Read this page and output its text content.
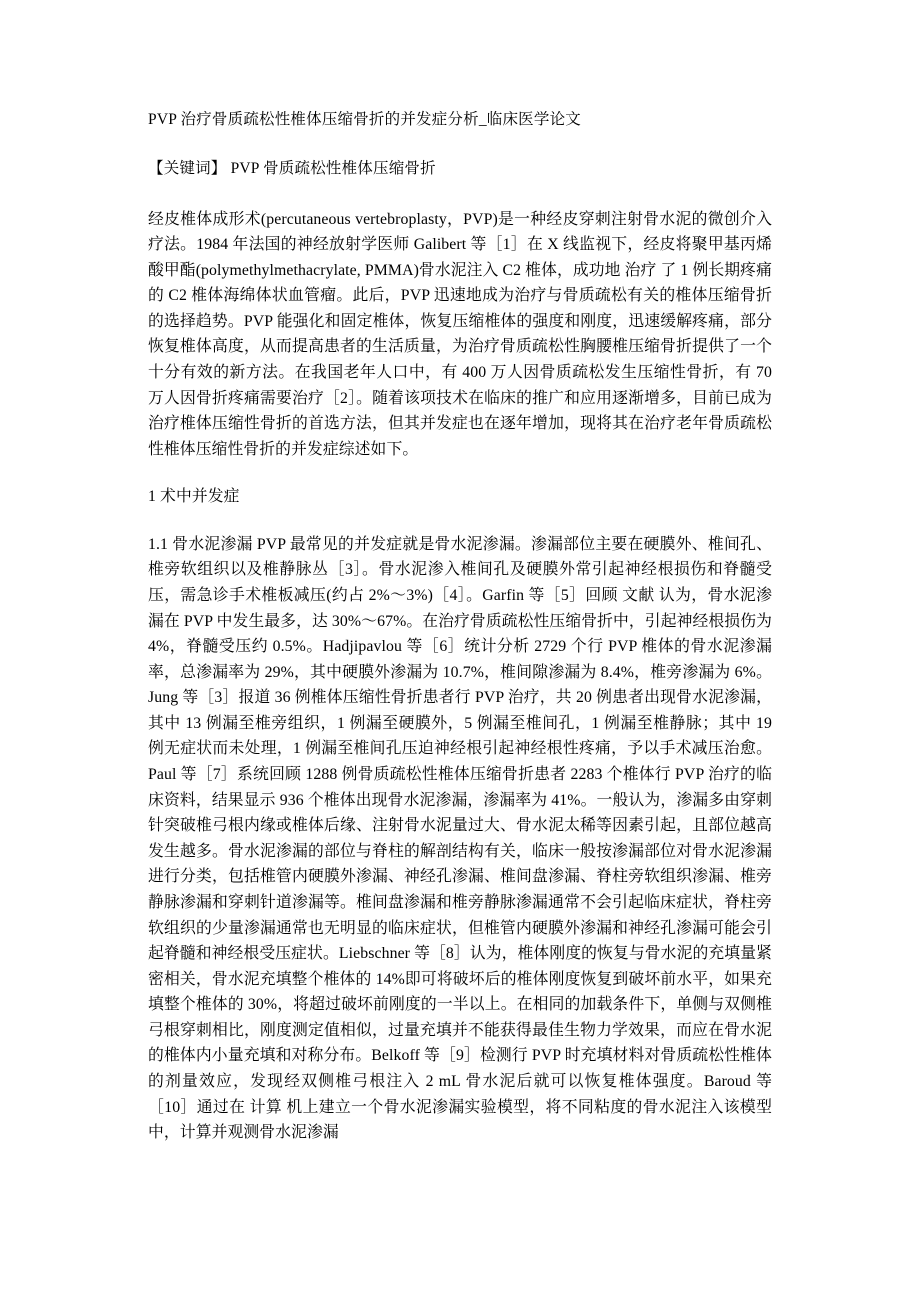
PVP 治疗骨质疏松性椎体压缩骨折的并发症分析_临床医学论文

【关键词】 PVP 骨质疏松性椎体压缩骨折

经皮椎体成形术(percutaneous vertebroplasty，PVP)是一种经皮穿刺注射骨水泥的微创介入疗法。1984 年法国的神经放射学医师 Galibert 等［1］在 X 线监视下，经皮将聚甲基丙烯酸甲酯(polymethylmethacrylate, PMMA)骨水泥注入 C2 椎体，成功地 治疗 了 1 例长期疼痛的 C2 椎体海绵体状血管瘤。此后，PVP 迅速地成为治疗与骨质疏松有关的椎体压缩骨折的选择趋势。PVP 能强化和固定椎体，恢复压缩椎体的强度和刚度，迅速缓解疼痛，部分恢复椎体高度，从而提高患者的生活质量，为治疗骨质疏松性胸腰椎压缩骨折提供了一个十分有效的新方法。在我国老年人口中，有 400 万人因骨质疏松发生压缩性骨折，有 70 万人因骨折疼痛需要治疗［2］。随着该项技术在临床的推广和应用逐渐增多，目前已成为治疗椎体压缩性骨折的首选方法，但其并发症也在逐年增加，现将其在治疗老年骨质疏松性椎体压缩性骨折的并发症综述如下。

1 术中并发症

1.1 骨水泥渗漏 PVP 最常见的并发症就是骨水泥渗漏。渗漏部位主要在硬膜外、椎间孔、椎旁软组织以及椎静脉丛［3］。骨水泥渗入椎间孔及硬膜外常引起神经根损伤和脊髓受压，需急诊手术椎板减压(约占 2%～3%)［4］。Garfin 等［5］回顾 文献 认为，骨水泥渗漏在 PVP 中发生最多，达 30%～67%。在治疗骨质疏松性压缩骨折中，引起神经根损伤为 4%，脊髓受压约 0.5%。Hadjipavlou 等［6］统计分析 2729 个行 PVP 椎体的骨水泥渗漏率，总渗漏率为 29%，其中硬膜外渗漏为 10.7%，椎间隙渗漏为 8.4%，椎旁渗漏为 6%。Jung 等［3］报道 36 例椎体压缩性骨折患者行 PVP 治疗，共 20 例患者出现骨水泥渗漏，其中 13 例漏至椎旁组织，1 例漏至硬膜外，5 例漏至椎间孔，1 例漏至椎静脉；其中 19 例无症状而未处理，1 例漏至椎间孔压迫神经根引起神经根性疼痛，予以手术减压治愈。Paul 等［7］系统回顾 1288 例骨质疏松性椎体压缩骨折患者 2283 个椎体行 PVP 治疗的临床资料，结果显示 936 个椎体出现骨水泥渗漏，渗漏率为 41%。一般认为，渗漏多由穿刺针突破椎弓根内缘或椎体后缘、注射骨水泥量过大、骨水泥太稀等因素引起，且部位越高发生越多。骨水泥渗漏的部位与脊柱的解剖结构有关，临床一般按渗漏部位对骨水泥渗漏进行分类，包括椎管内硬膜外渗漏、神经孔渗漏、椎间盘渗漏、脊柱旁软组织渗漏、椎旁静脉渗漏和穿刺针道渗漏等。椎间盘渗漏和椎旁静脉渗漏通常不会引起临床症状，脊柱旁软组织的少量渗漏通常也无明显的临床症状，但椎管内硬膜外渗漏和神经孔渗漏可能会引起脊髓和神经根受压症状。Liebschner 等［8］认为，椎体刚度的恢复与骨水泥的充填量紧密相关，骨水泥充填整个椎体的 14%即可将破坏后的椎体刚度恢复到破坏前水平，如果充填整个椎体的 30%，将超过破坏前刚度的一半以上。在相同的加载条件下，单侧与双侧椎弓根穿刺相比，刚度测定值相似，过量充填并不能获得最佳生物力学效果，而应在骨水泥的椎体内小量充填和对称分布。Belkoff 等［9］检测行 PVP 时充填材料对骨质疏松性椎体的剂量效应，发现经双侧椎弓根注入 2 mL 骨水泥后就可以恢复椎体强度。Baroud 等［10］通过在 计算 机上建立一个骨水泥渗漏实验模型，将不同粘度的骨水泥注入该模型中，计算并观测骨水泥渗漏
